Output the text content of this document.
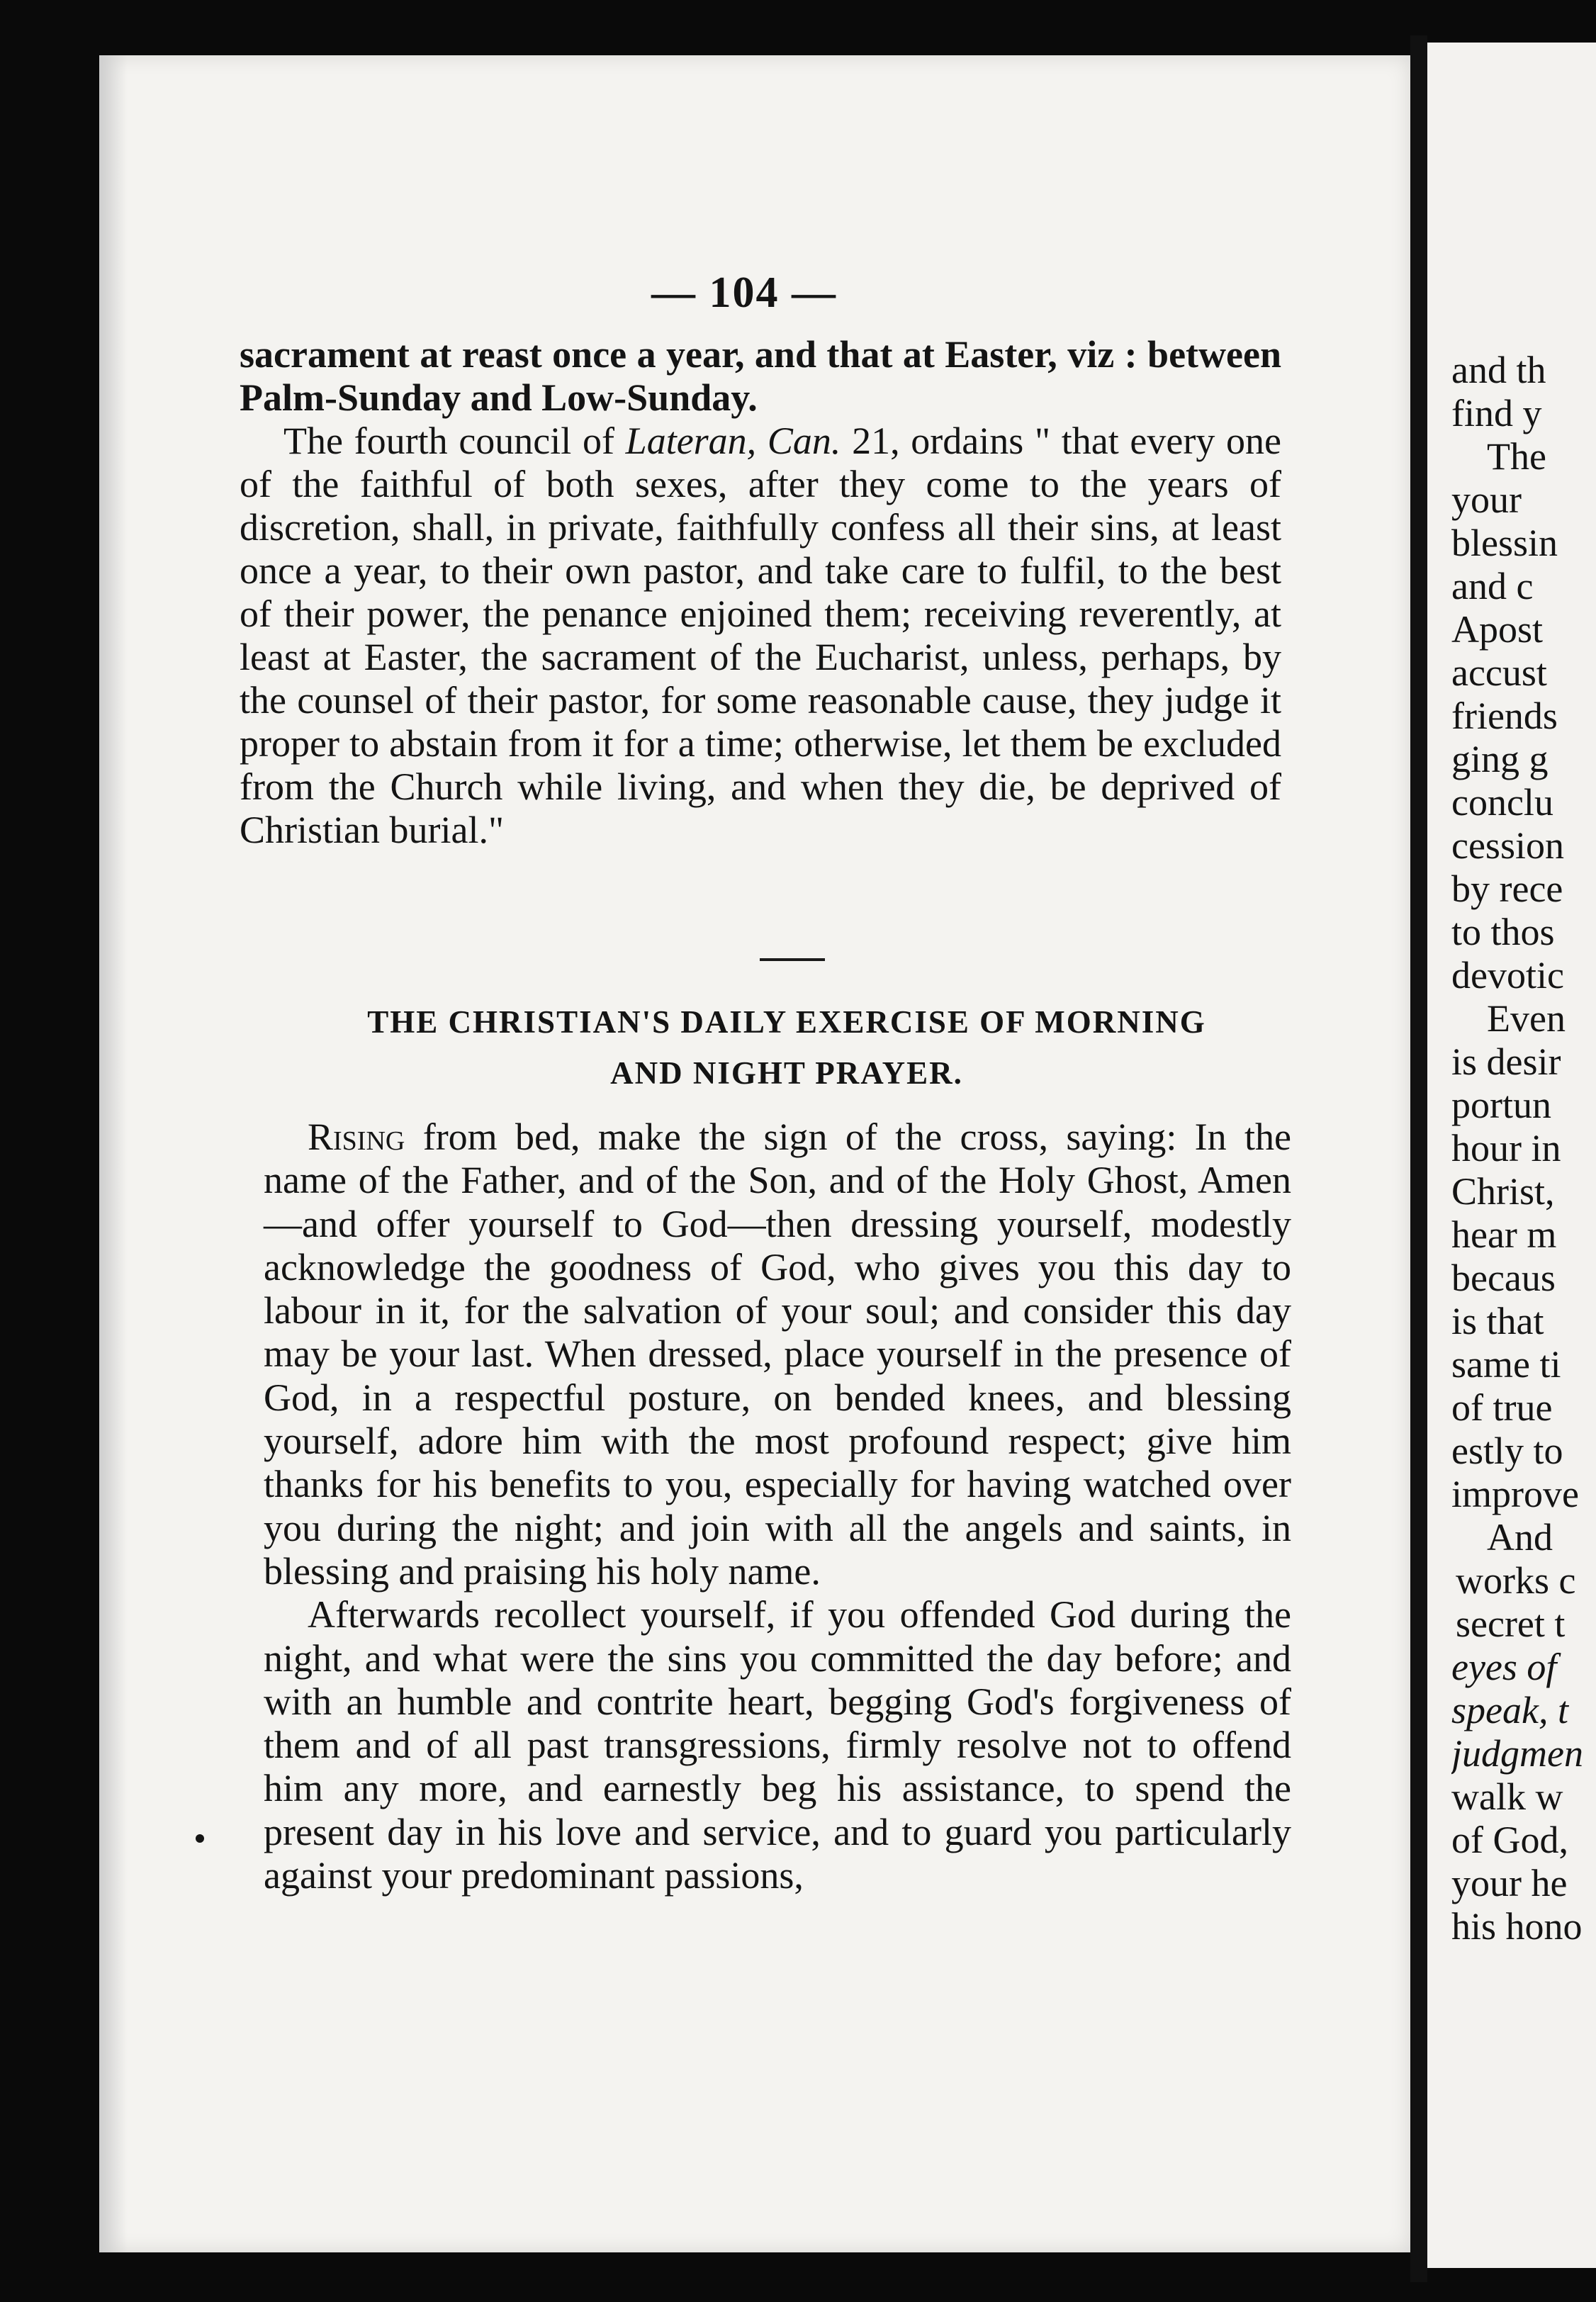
— 104 —

sacrament at reast once a year, and that at Easter, viz : between Palm-Sunday and Low-Sunday.

The fourth council of Lateran, Can. 21, ordains " that every one of the faithful of both sexes, after they come to the years of discretion, shall, in private, faithfully confess all their sins, at least once a year, to their own pastor, and take care to fulfil, to the best of their power, the penance enjoined them; receiving reverently, at least at Easter, the sacrament of the Eucharist, unless, perhaps, by the counsel of their pastor, for some reasonable cause, they judge it proper to abstain from it for a time; otherwise, let them be excluded from the Church while living, and when they die, be deprived of Christian burial."

THE CHRISTIAN'S DAILY EXERCISE OF MORNING
AND NIGHT PRAYER.

Rising from bed, make the sign of the cross, saying: In the name of the Father, and of the Son, and of the Holy Ghost, Amen—and offer yourself to God—then dressing yourself, modestly acknowledge the goodness of God, who gives you this day to labour in it, for the salvation of your soul; and consider this day may be your last. When dressed, place yourself in the presence of God, in a respectful posture, on bended knees, and blessing yourself, adore him with the most profound respect; give him thanks for his benefits to you, especially for having watched over you during the night; and join with all the angels and saints, in blessing and praising his holy name.

Afterwards recollect yourself, if you offended God during the night, and what were the sins you committed the day before; and with an humble and contrite heart, begging God's forgiveness of them and of all past transgressions, firmly resolve not to offend him any more, and earnestly beg his assistance, to spend the present day in his love and service, and to guard you particularly against your predominant passions,

and th
find y
The
your
blessin
and c
Apost
accust
friends
ging g
conclu
cession
by rece
to thos
devotic
Even
is desir
portun
hour in
Christ,
hear m
becaus
is that
same ti
of true
estly to
improve
And
works c
secret t
eyes of
speak, t
judgmen
walk w
of God,
your he
his hono
